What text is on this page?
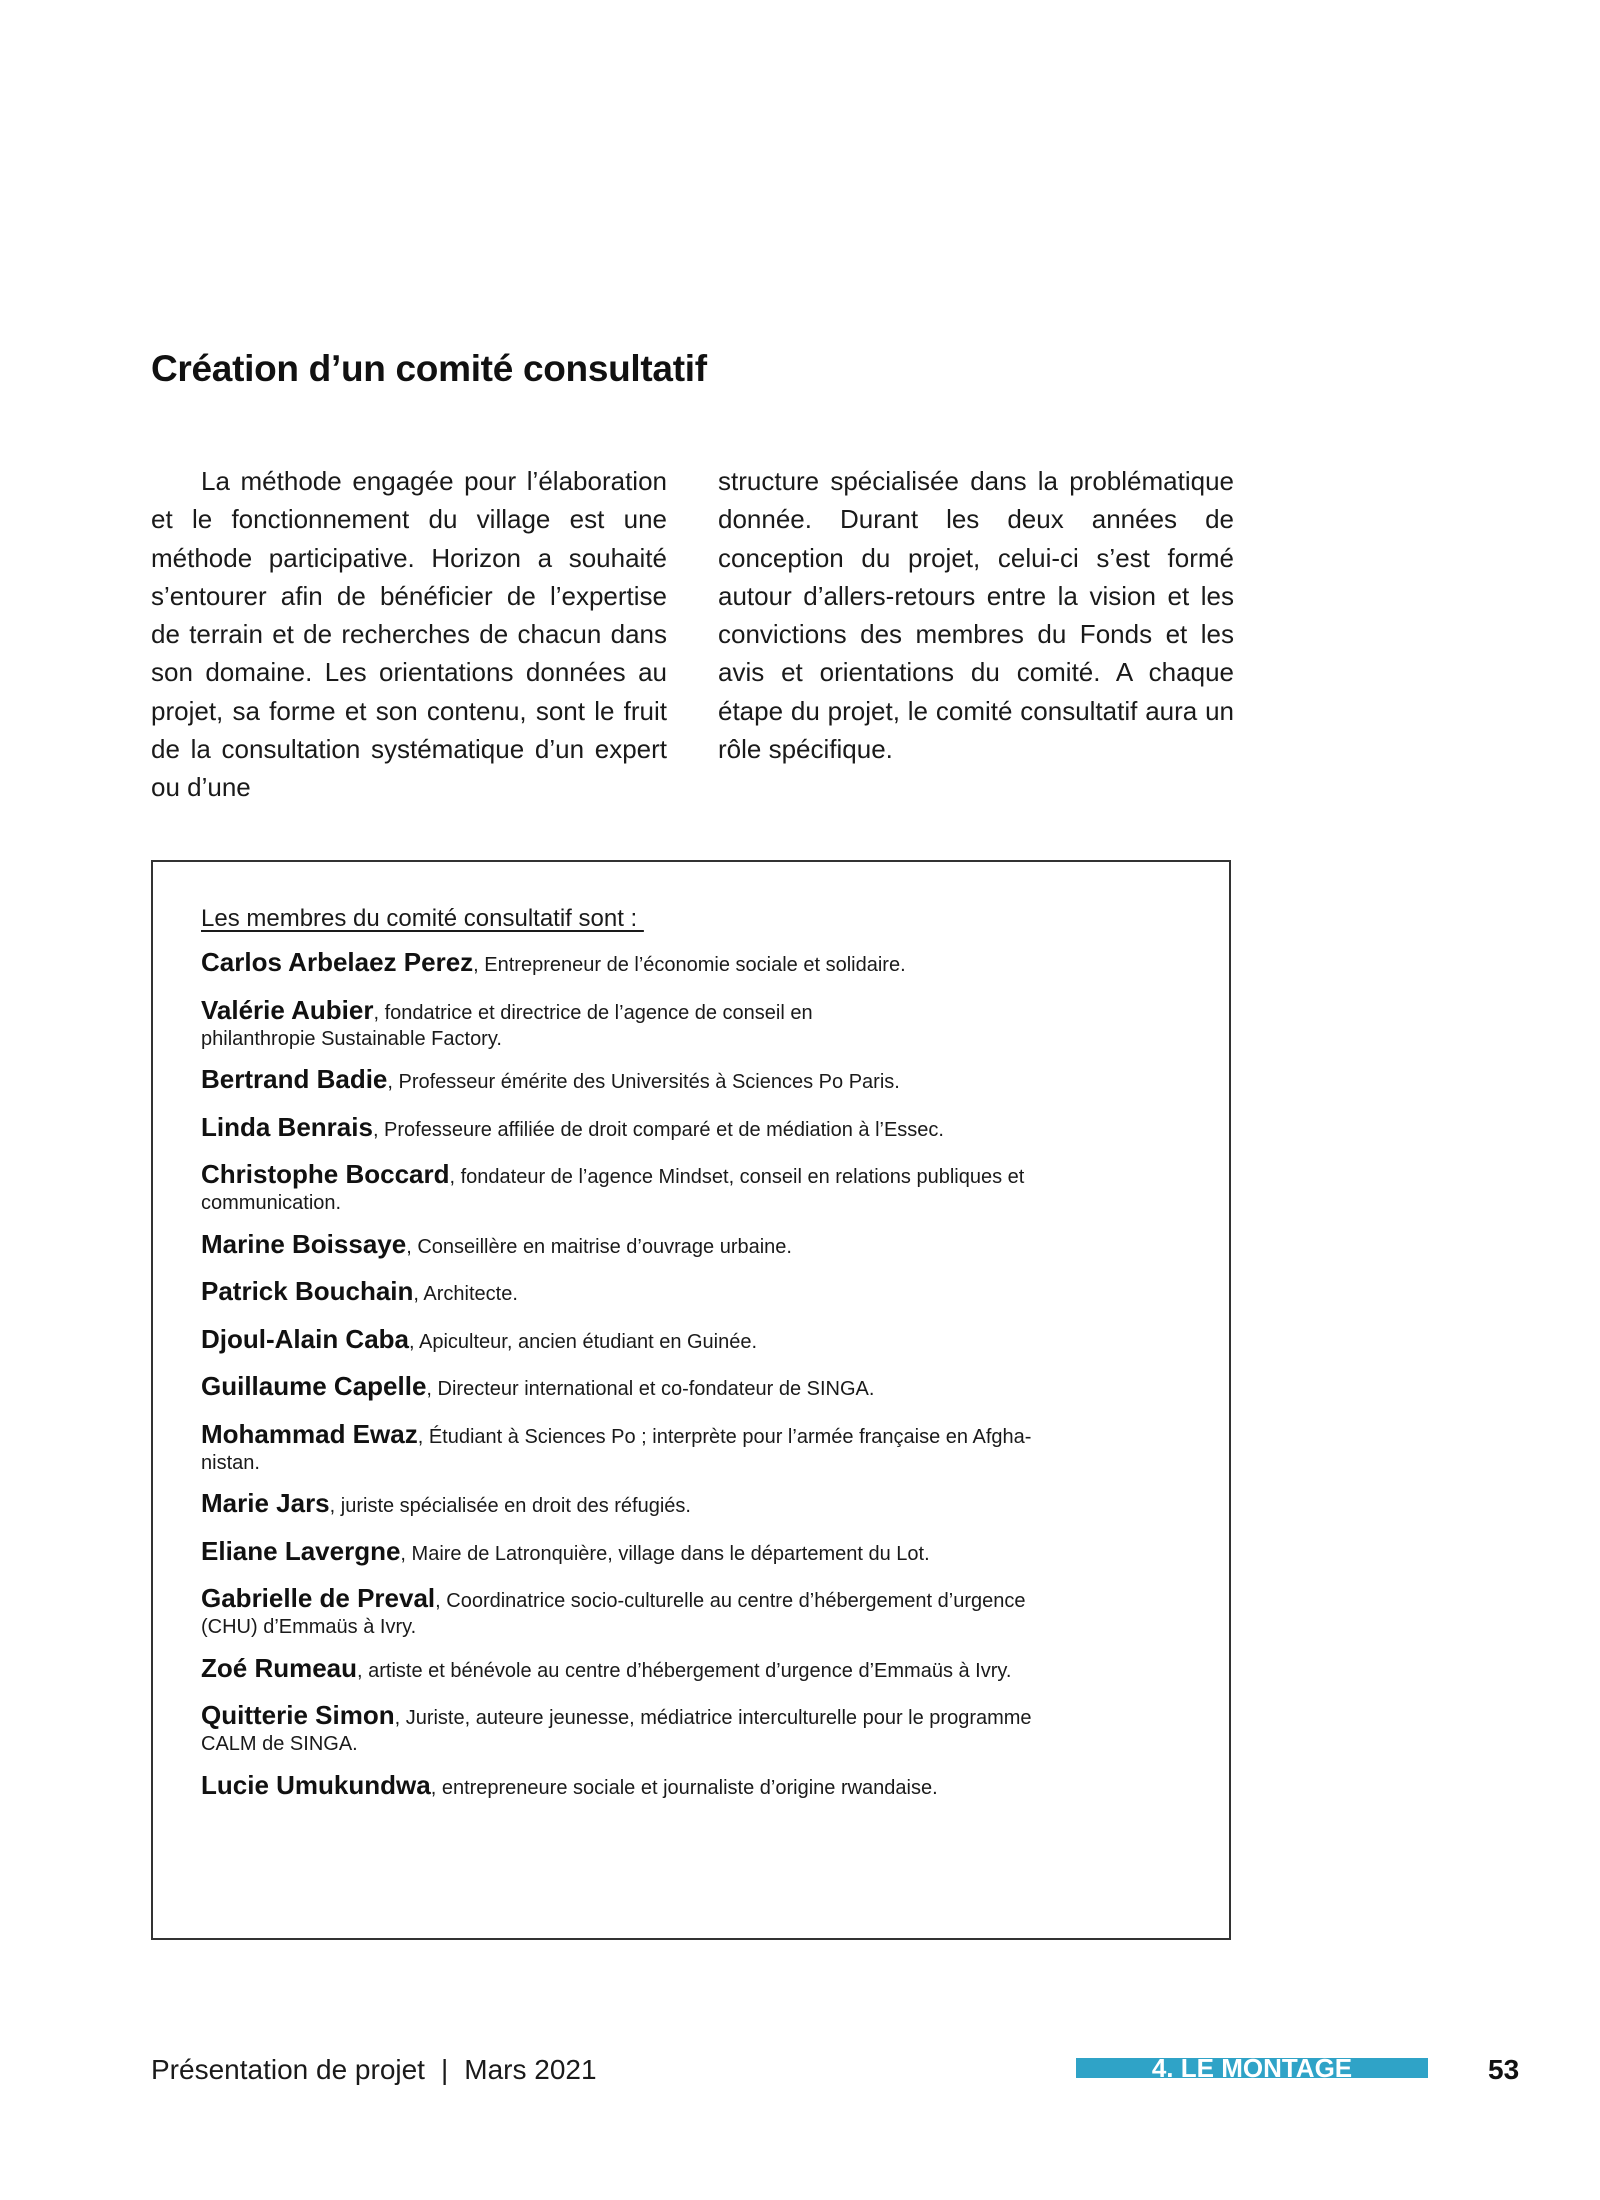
Création d’un comité consultatif

La méthode engagée pour l’élaboration et le fonctionnement du village est une méthode participative. Horizon a souhaité s’entourer afin de bénéficier de l’expertise de terrain et de recherches de chacun dans son domaine. Les orientations données au projet, sa forme et son contenu, sont le fruit de la consultation systématique d’un expert ou d’une

structure spécialisée dans la problématique donnée. Durant les deux années de conception du projet, celui-ci s’est formé autour d’allers-retours entre la vision et les convictions des membres du Fonds et les avis et orientations du comité. A chaque étape du projet, le comité consultatif aura un rôle spécifique.

Les membres du comité consultatif sont :
Carlos Arbelaez Perez, Entrepreneur de l’économie sociale et solidaire.
Valérie Aubier, fondatrice et directrice de l’agence de conseil en
philanthropie Sustainable Factory.
Bertrand Badie, Professeur émérite des Universités à Sciences Po Paris.
Linda Benrais, Professeure affiliée de droit comparé et de médiation à l’Essec.
Christophe Boccard, fondateur de l’agence Mindset, conseil en relations publiques et
communication.
Marine Boissaye, Conseillère en maitrise d’ouvrage urbaine.
Patrick Bouchain, Architecte.
Djoul-Alain Caba, Apiculteur, ancien étudiant en Guinée.
Guillaume Capelle, Directeur international et co-fondateur de SINGA.
Mohammad Ewaz, Étudiant à Sciences Po ; interprète pour l’armée française en Afgha-
nistan.
Marie Jars, juriste spécialisée en droit des réfugiés.
Eliane Lavergne, Maire de Latronquière, village dans le département du Lot.
Gabrielle de Preval, Coordinatrice socio-culturelle au centre d’hébergement d’urgence
(CHU) d’Emmaüs à Ivry.
Zoé Rumeau, artiste et bénévole au centre d’hébergement d’urgence d’Emmaüs à Ivry.
Quitterie Simon, Juriste, auteure jeunesse, médiatrice interculturelle pour le programme
CALM de SINGA.
Lucie Umukundwa, entrepreneure sociale et journaliste d’origine rwandaise.
Présentation de projet | Mars 2021	4. LE MONTAGE	53
